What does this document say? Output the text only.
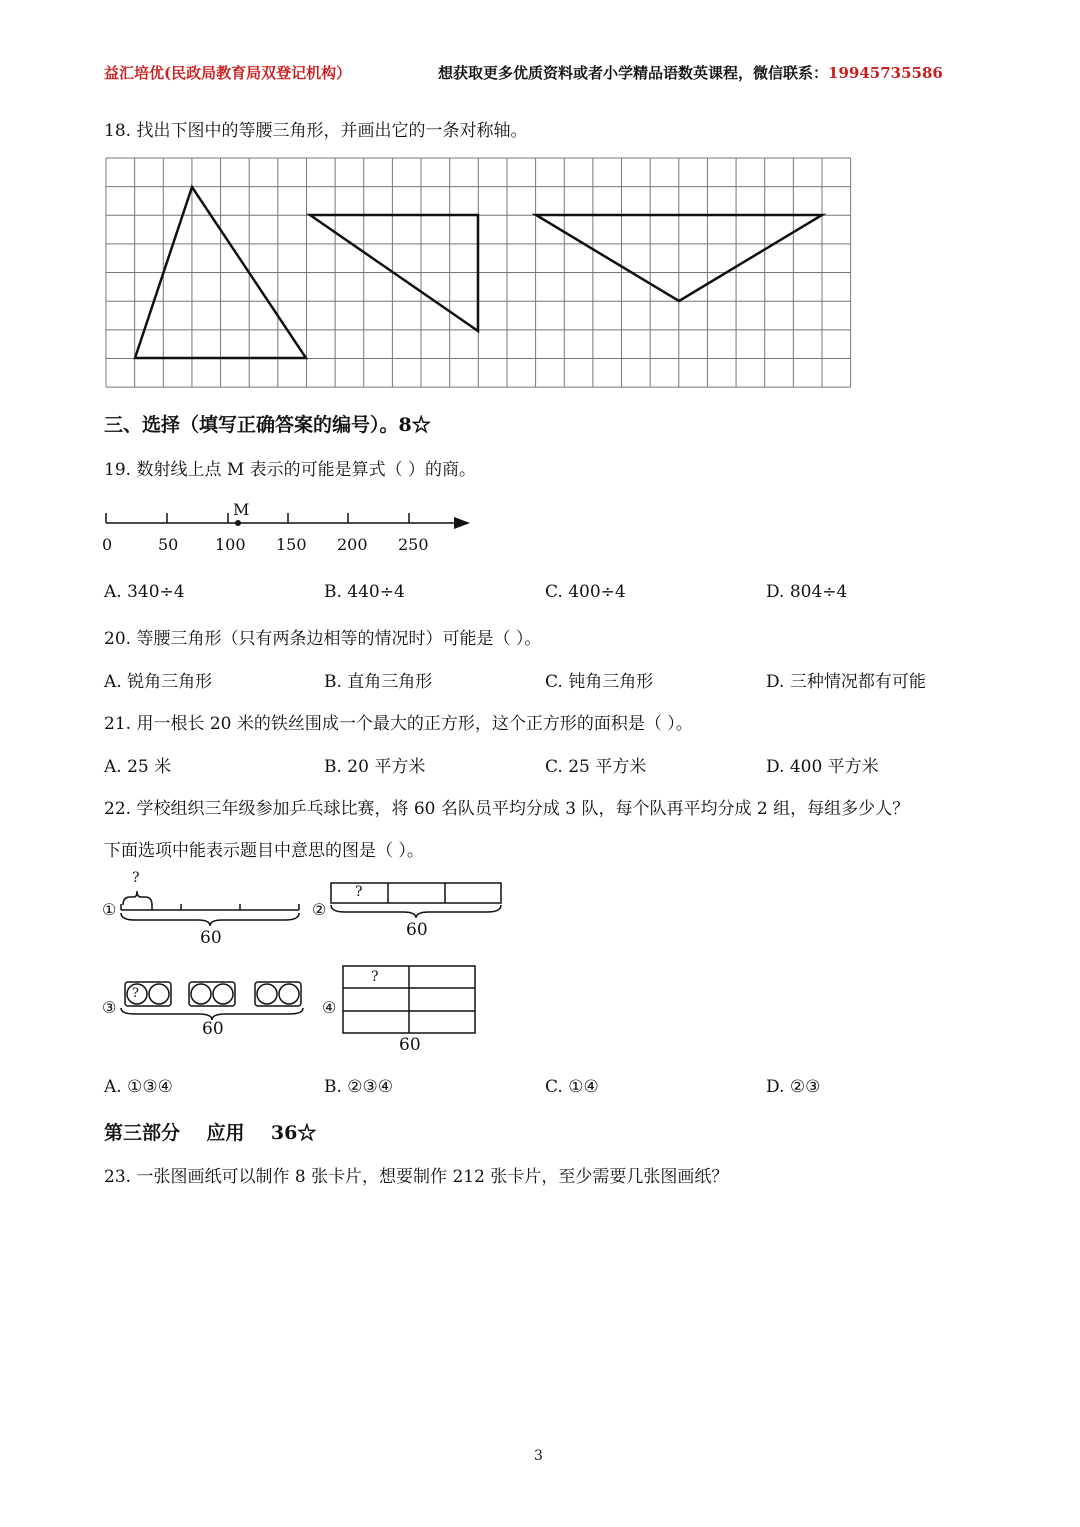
益汇培优(民政局教育局双登记机构）	想获取更多优质资料或者小学精品语数英课程，微信联系：19945735586
18. 找出下图中的等腰三角形，并画出它的一条对称轴。
三、选择（填写正确答案的编号）。8☆
19. 数射线上点 M 表示的可能是算式（ ）的商。
M
0	50 100 150 200 250
A. 340÷4	B. 440÷4	C. 400÷4	D. 804÷4
20. 等腰三角形（只有两条边相等的情况时）可能是（ ）。
A. 锐角三角形	B. 直角三角形	C. 钝角三角形	D. 三种情况都有可能
21. 用一根长 20 米的铁丝围成一个最大的正方形，这个正方形的面积是（ ）。
A. 25 米	B. 20 平方米	C. 25 平方米	D. 400 平方米
22. 学校组织三年级参加乒乓球比赛，将 60 名队员平均分成 3 队，每个队再平均分成 2 组，每组多少人？
下面选项中能表示题目中意思的图是（ ）。
①
?
60
②
?
60
③
?
60
④
?
60
A. ①③④	B. ②③④	C. ①④	D. ②③
第三部分    应用    36☆
23. 一张图画纸可以制作 8 张卡片，想要制作 212 张卡片，至少需要几张图画纸？
3
